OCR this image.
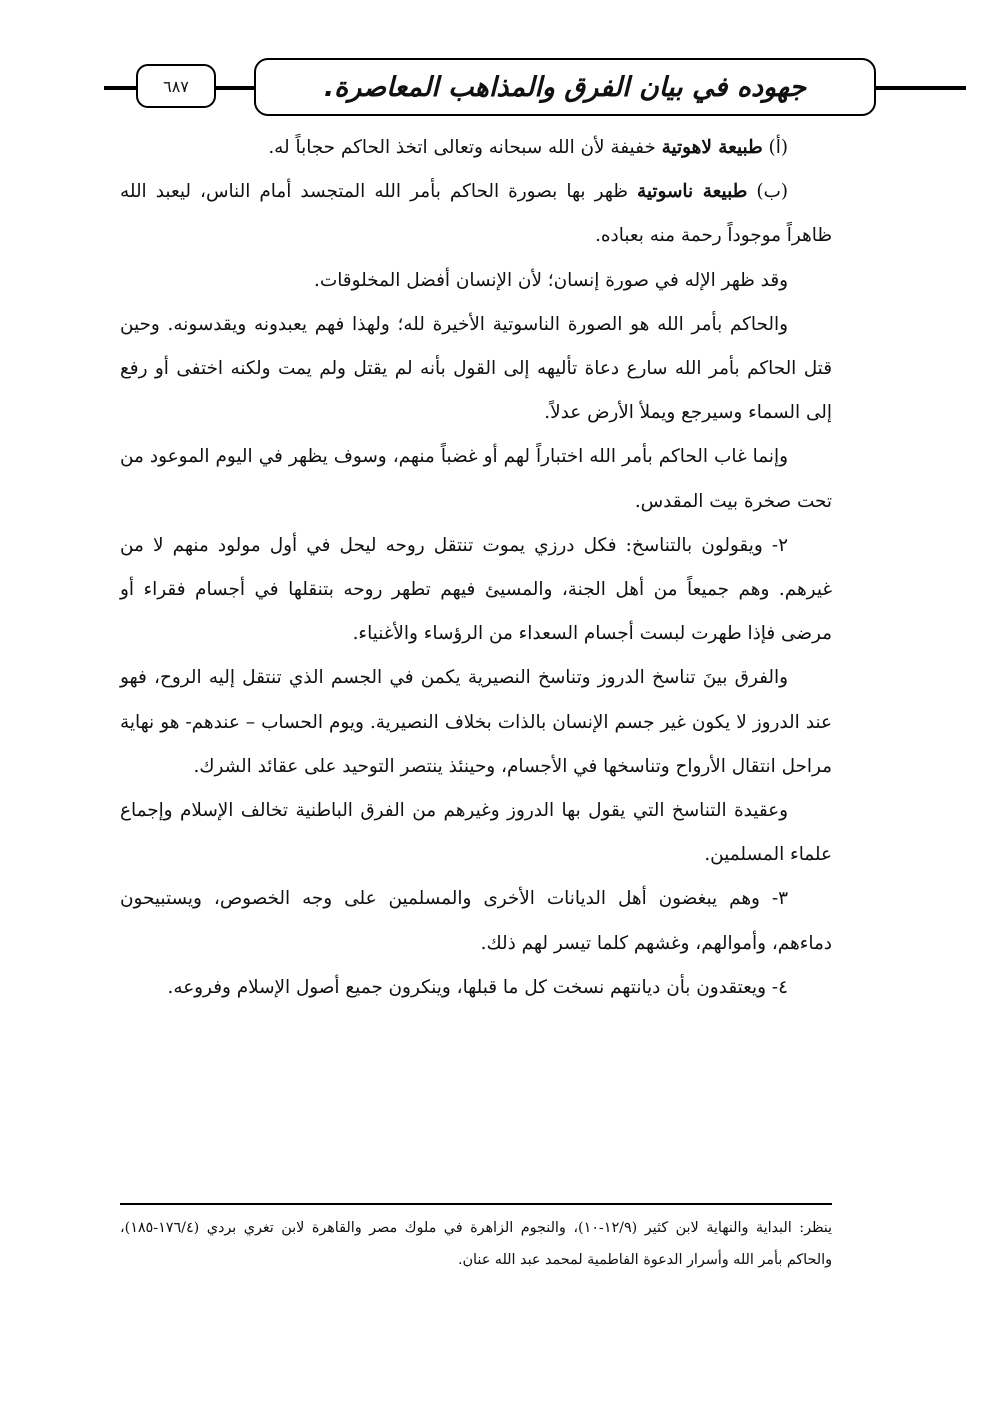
٦٨٧	جهوده في بيان الفرق والمذاهب المعاصرة.

(أ) طبيعة لاهوتية خفيفة لأن الله سبحانه وتعالى اتخذ الحاكم حجاباً له.

(ب) طبيعة ناسوتية ظهر بها بصورة الحاكم بأمر الله المتجسد أمام الناس، ليعبد الله ظاهراً موجوداً رحمة منه بعباده.

وقد ظهر الإله في صورة إنسان؛ لأن الإنسان أفضل المخلوقات.

والحاكم بأمر الله هو الصورة الناسوتية الأخيرة لله؛ ولهذا فهم يعبدونه ويقدسونه. وحين قتل الحاكم بأمر الله سارع دعاة تأليهه إلى القول بأنه لم يقتل ولم يمت ولكنه اختفى أو رفع إلى السماء وسيرجع ويملأ الأرض عدلاً.

وإنما غاب الحاكم بأمر الله اختباراً لهم أو غضباً منهم، وسوف يظهر في اليوم الموعود من تحت صخرة بيت المقدس.

٢- ويقولون بالتناسخ: فكل درزي يموت تنتقل روحه ليحل في أول مولود منهم لا من غيرهم. وهم جميعاً من أهل الجنة، والمسيئ فيهم تطهر روحه بتنقلها في أجسام فقراء أو مرضى فإذا طهرت لبست أجسام السعداء من الرؤساء والأغنياء.

والفرق بينَ تناسخ الدروز وتناسخ النصيرية يكمن في الجسم الذي تنتقل إليه الروح، فهو عند الدروز لا يكون غير جسم الإنسان بالذات بخلاف النصيرية. ويوم الحساب – عندهم- هو نهاية مراحل انتقال الأرواح وتناسخها في الأجسام، وحينئذ ينتصر التوحيد على عقائد الشرك.

وعقيدة التناسخ التي يقول بها الدروز وغيرهم من الفرق الباطنية تخالف الإسلام وإجماع علماء المسلمين.

٣- وهم يبغضون أهل الديانات الأخرى والمسلمين على وجه الخصوص، ويستبيحون دماءهم، وأموالهم، وغشهم كلما تيسر لهم ذلك.

٤- ويعتقدون بأن ديانتهم نسخت كل ما قبلها، وينكرون جميع أصول الإسلام وفروعه.

ينظر: البداية والنهاية لابن كثير (١٢/٩-١٠)، والنجوم الزاهرة في ملوك مصر والقاهرة لابن تغري بردي (١٧٦/٤-١٨٥)، والحاكم بأمر الله وأسرار الدعوة الفاطمية لمحمد عبد الله عنان.
